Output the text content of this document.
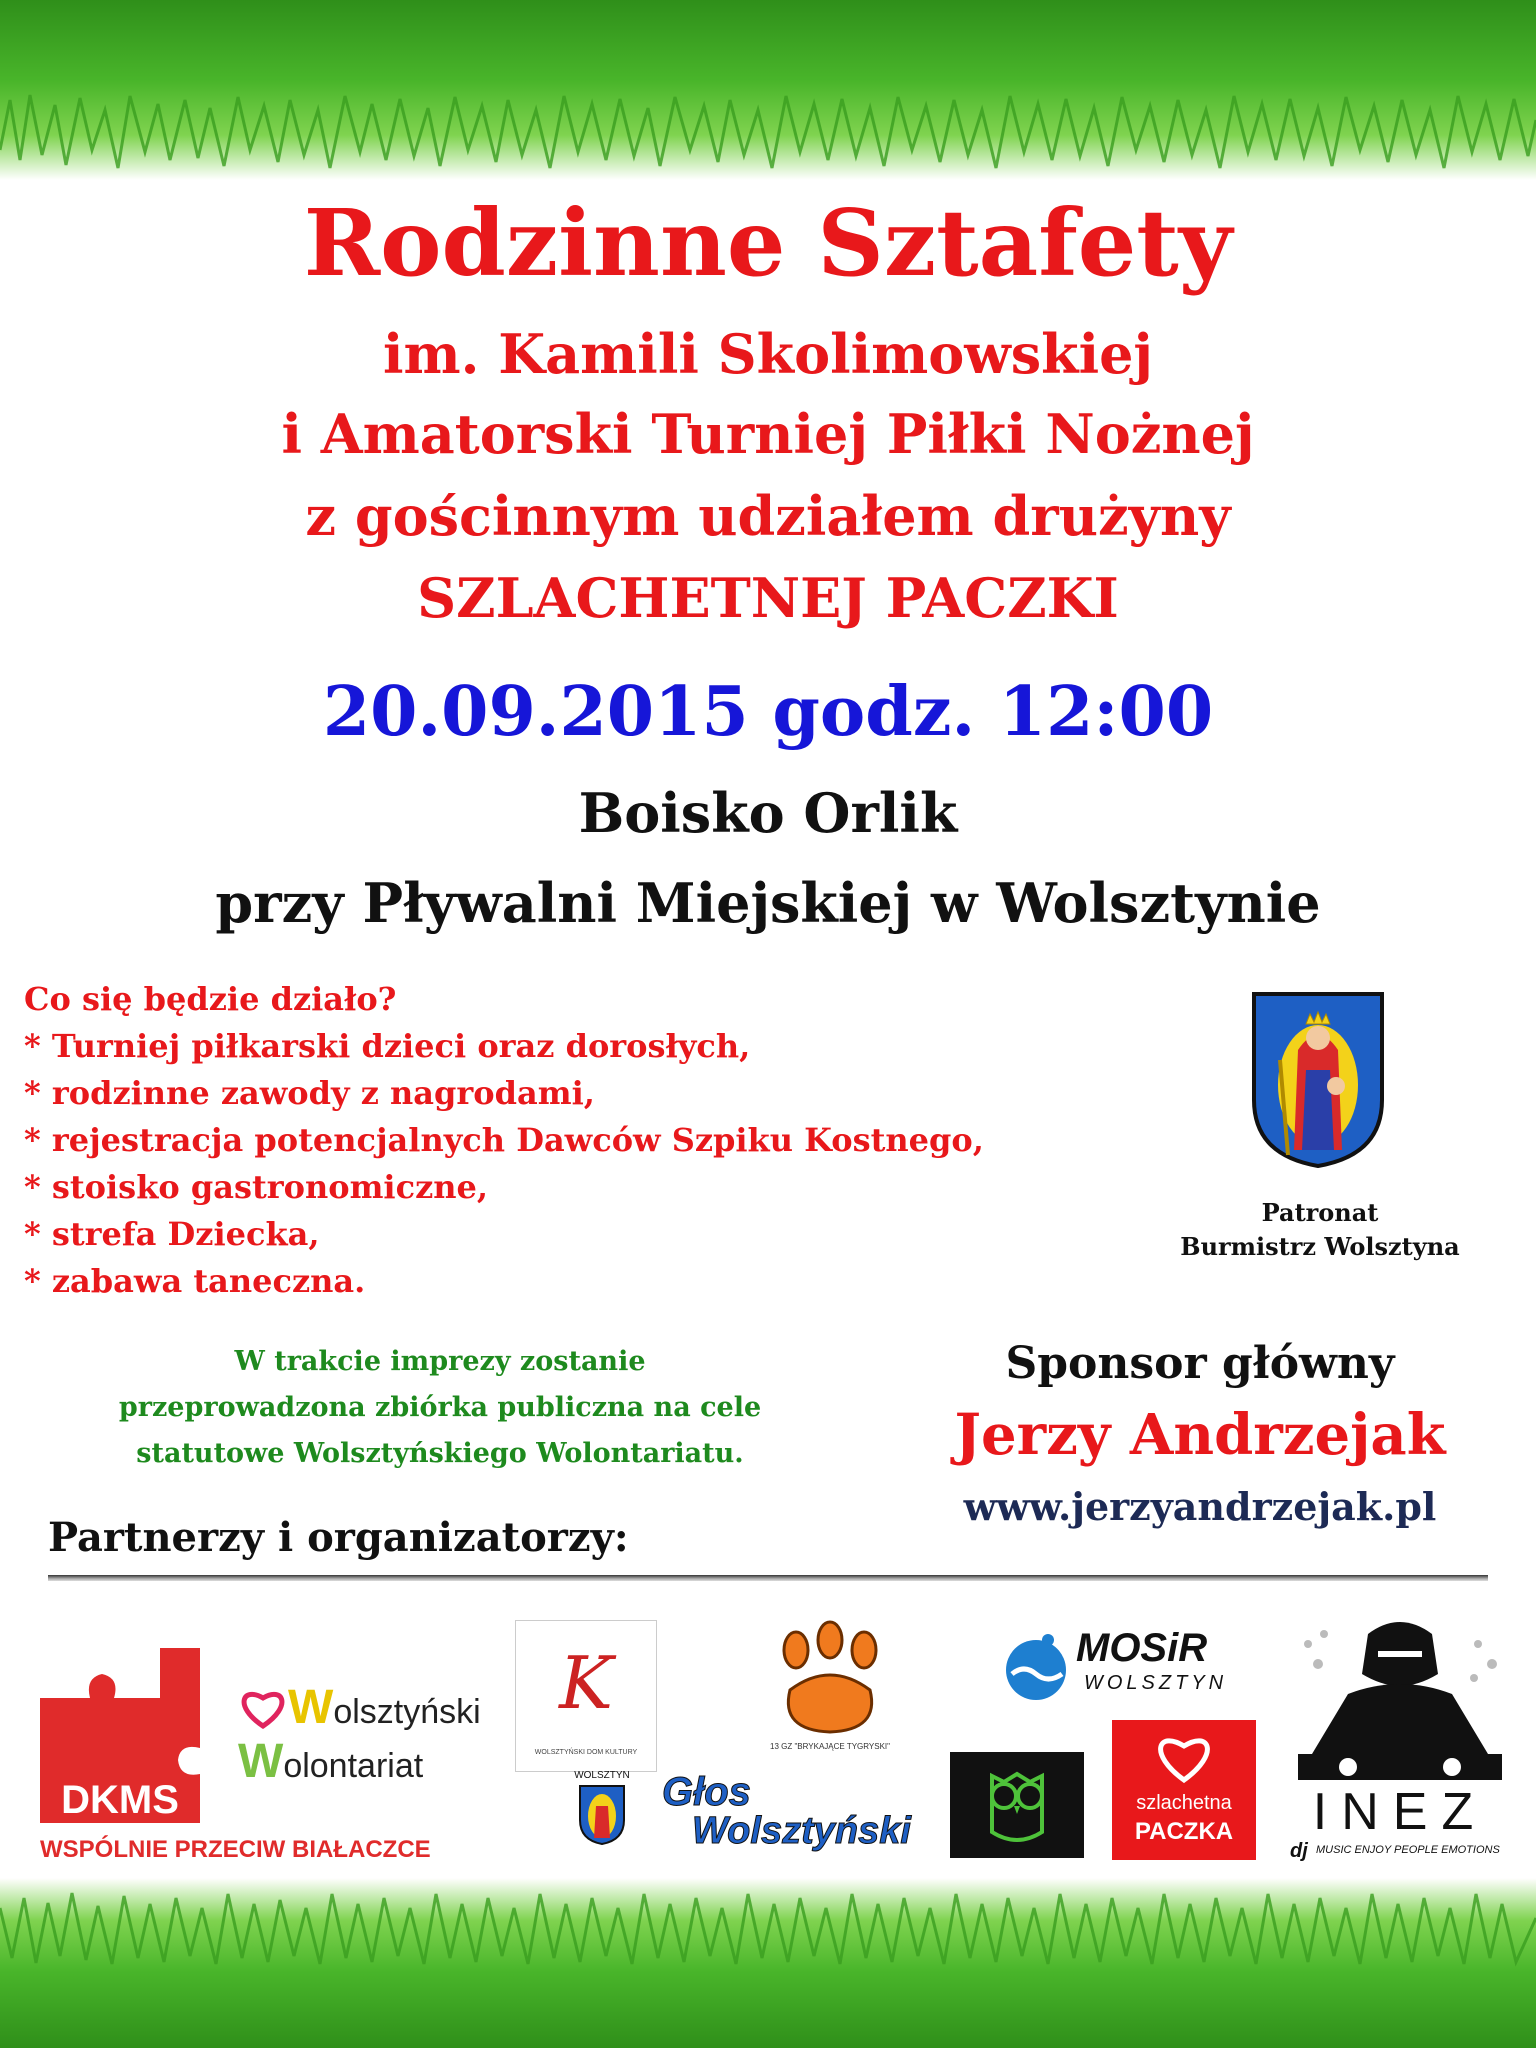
Rodzinne Sztafety

im. Kamili Skolimowskiej

i Amatorski Turniej Piłki Nożnej

z gościnnym udziałem drużyny

SZLACHETNEJ PACZKI

20.09.2015 godz. 12:00

Boisko Orlik

przy Pływalni Miejskiej w Wolsztynie

Co się będzie działo?
* Turniej piłkarski dzieci oraz dorosłych,
* rodzinne zawody z nagrodami,
* rejestracja potencjalnych Dawców Szpiku Kostnego,
* stoisko gastronomiczne,
* strefa Dziecka,
* zabawa taneczna.

Patronat

Burmistrz Wolsztyna

W trakcie imprezy zostanie

przeprowadzona zbiórka publiczna na cele

statutowe Wolsztyńskiego Wolontariatu.

Sponsor główny

Jerzy Andrzejak

www.jerzyandrzejak.pl

Partnerzy i organizatorzy:

DKMS

WSPÓLNIE PRZECIW BIAŁACZCE

Wolsztyński
Wolontariat
K
WOLSZTYŃSKI DOM KULTURY
13 GZ "BRYKAJĄCE TYGRYSKI"
MOSiR
WOLSZTYN
WOLSZTYN Głos
Wolsztyński
szlachetna
PACZKA	INEZ
dj MUSIC ENJOY PEOPLE EMOTIONS
